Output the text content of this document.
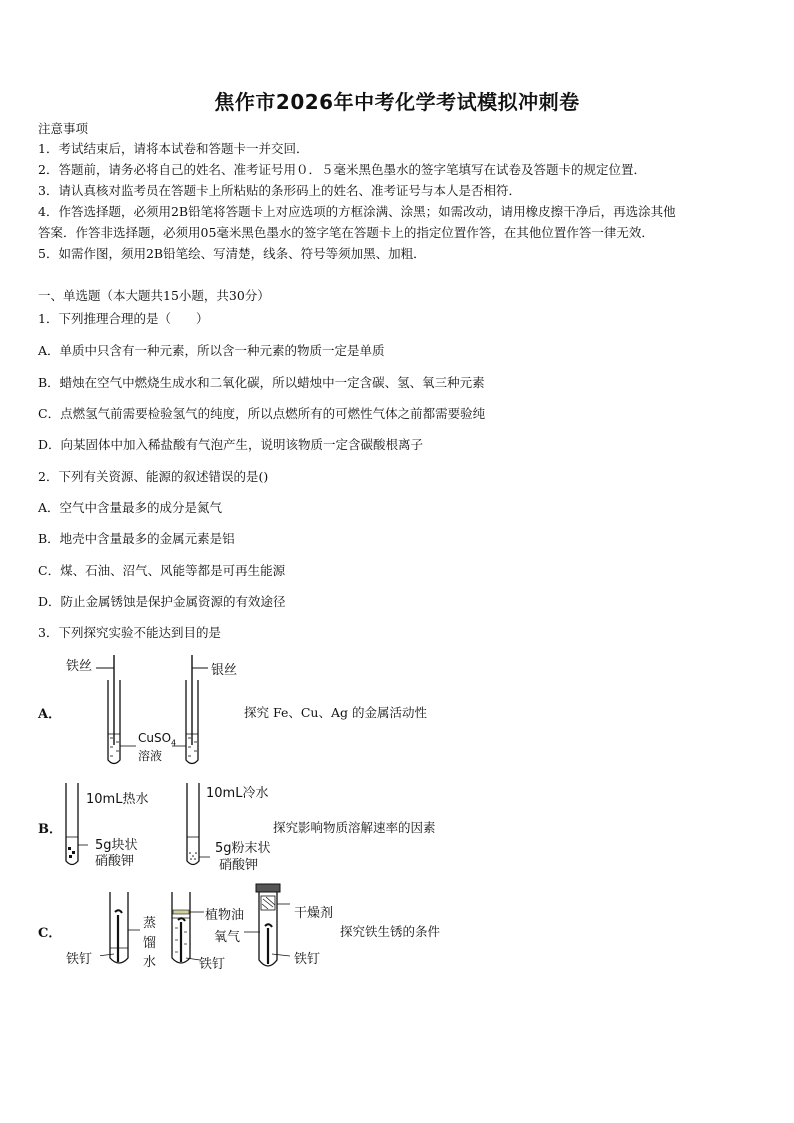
焦作市2026年中考化学考试模拟冲刺卷
注意事项
1．考试结束后，请将本试卷和答题卡一并交回．
2．答题前，请务必将自己的姓名、准考证号用０．５毫米黑色墨水的签字笔填写在试卷及答题卡的规定位置．
3．请认真核对监考员在答题卡上所粘贴的条形码上的姓名、准考证号与本人是否相符．
4．作答选择题，必须用2B铅笔将答题卡上对应选项的方框涂满、涂黑；如需改动，请用橡皮擦干净后，再选涂其他
答案．作答非选择题，必须用05毫米黑色墨水的签字笔在答题卡上的指定位置作答，在其他位置作答一律无效．
5．如需作图，须用2B铅笔绘、写清楚，线条、符号等须加黑、加粗．
一、单选题（本大题共15小题，共30分）
1．下列推理合理的是（　　）
A．单质中只含有一种元素，所以含一种元素的物质一定是单质
B．蜡烛在空气中燃烧生成水和二氧化碳，所以蜡烛中一定含碳、氢、氧三种元素
C．点燃氢气前需要检验氢气的纯度，所以点燃所有的可燃性气体之前都需要验纯
D．向某固体中加入稀盐酸有气泡产生，说明该物质一定含碳酸根离子
2．下列有关资源、能源的叙述错误的是()
A．空气中含量最多的成分是氮气
B．地壳中含量最多的金属元素是铝
C．煤、石油、沼气、风能等都是可再生能源
D．防止金属锈蚀是保护金属资源的有效途径
3．下列探究实验不能达到目的是
A．	探究 Fe、Cu、Ag 的金属活动性
铁丝	银丝
CuSO$_4$
溶液
B．	探究影响物质溶解速率的因素
10mL热水	10mL冷水
5g块状
硝酸钾
5g粉末状
硝酸钾
C．	探究铁生锈的条件
铁钉
蒸
馏
水
植物油
铁钉
氧气
干燥剂
铁钉
